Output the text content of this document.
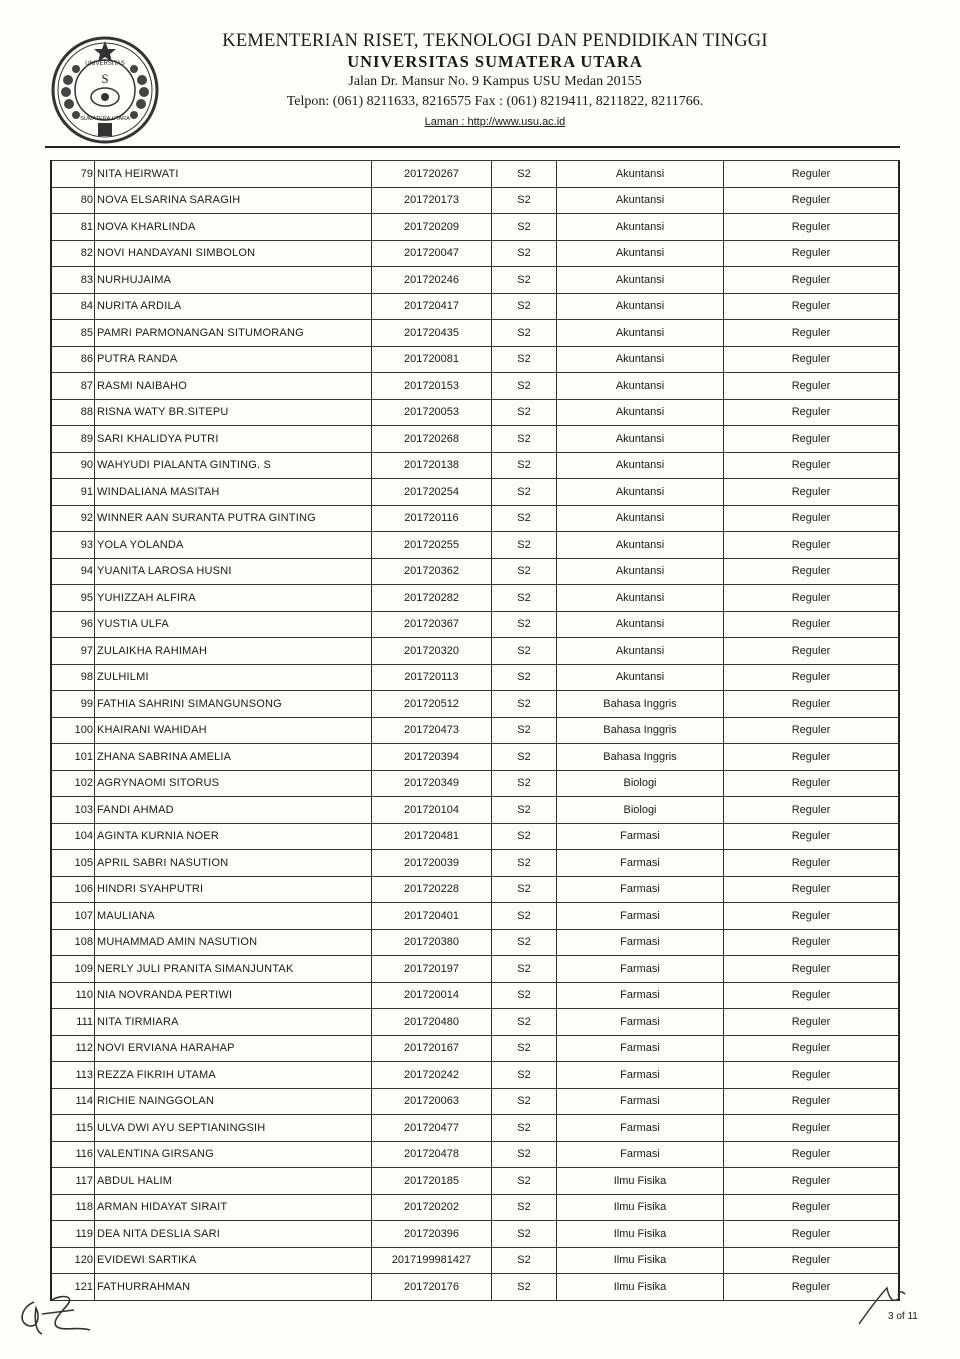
S
UNIVERSITAS
SUMATERA UTARA
KEMENTERIAN RISET, TEKNOLOGI DAN PENDIDIKAN TINGGI
UNIVERSITAS SUMATERA UTARA
Jalan Dr. Mansur No. 9 Kampus USU Medan 20155
Telpon: (061) 8211633, 8216575 Fax : (061) 8219411, 8211822, 8211766.
Laman : http://www.usu.ac.id
79	NITA HEIRWATI	201720267	S2	Akuntansi	Reguler
80	NOVA ELSARINA SARAGIH	201720173	S2	Akuntansi	Reguler
81	NOVA KHARLINDA	201720209	S2	Akuntansi	Reguler
82	NOVI HANDAYANI SIMBOLON	201720047	S2	Akuntansi	Reguler
83	NURHUJAIMA	201720246	S2	Akuntansi	Reguler
84	NURITA ARDILA	201720417	S2	Akuntansi	Reguler
85	PAMRI PARMONANGAN SITUMORANG	201720435	S2	Akuntansi	Reguler
86	PUTRA RANDA	201720081	S2	Akuntansi	Reguler
87	RASMI NAIBAHO	201720153	S2	Akuntansi	Reguler
88	RISNA WATY BR.SITEPU	201720053	S2	Akuntansi	Reguler
89	SARI KHALIDYA PUTRI	201720268	S2	Akuntansi	Reguler
90	WAHYUDI PIALANTA GINTING. S	201720138	S2	Akuntansi	Reguler
91	WINDALIANA MASITAH	201720254	S2	Akuntansi	Reguler
92	WINNER AAN SURANTA PUTRA GINTING	201720116	S2	Akuntansi	Reguler
93	YOLA YOLANDA	201720255	S2	Akuntansi	Reguler
94	YUANITA LAROSA HUSNI	201720362	S2	Akuntansi	Reguler
95	YUHIZZAH ALFIRA	201720282	S2	Akuntansi	Reguler
96	YUSTIA ULFA	201720367	S2	Akuntansi	Reguler
97	ZULAIKHA RAHIMAH	201720320	S2	Akuntansi	Reguler
98	ZULHILMI	201720113	S2	Akuntansi	Reguler
99	FATHIA SAHRINI SIMANGUNSONG	201720512	S2	Bahasa Inggris	Reguler
100	KHAIRANI WAHIDAH	201720473	S2	Bahasa Inggris	Reguler
101	ZHANA SABRINA AMELIA	201720394	S2	Bahasa Inggris	Reguler
102	AGRYNAOMI SITORUS	201720349	S2	Biologi	Reguler
103	FANDI AHMAD	201720104	S2	Biologi	Reguler
104	AGINTA KURNIA NOER	201720481	S2	Farmasi	Reguler
105	APRIL SABRI NASUTION	201720039	S2	Farmasi	Reguler
106	HINDRI SYAHPUTRI	201720228	S2	Farmasi	Reguler
107	MAULIANA	201720401	S2	Farmasi	Reguler
108	MUHAMMAD AMIN NASUTION	201720380	S2	Farmasi	Reguler
109	NERLY JULI PRANITA SIMANJUNTAK	201720197	S2	Farmasi	Reguler
110	NIA NOVRANDA PERTIWI	201720014	S2	Farmasi	Reguler
111	NITA TIRMIARA	201720480	S2	Farmasi	Reguler
112	NOVI ERVIANA HARAHAP	201720167	S2	Farmasi	Reguler
113	REZZA FIKRIH UTAMA	201720242	S2	Farmasi	Reguler
114	RICHIE NAINGGOLAN	201720063	S2	Farmasi	Reguler
115	ULVA DWI AYU SEPTIANINGSIH	201720477	S2	Farmasi	Reguler
116	VALENTINA GIRSANG	201720478	S2	Farmasi	Reguler
117	ABDUL HALIM	201720185	S2	Ilmu Fisika	Reguler
118	ARMAN HIDAYAT SIRAIT	201720202	S2	Ilmu Fisika	Reguler
119	DEA NITA DESLIA SARI	201720396	S2	Ilmu Fisika	Reguler
120	EVIDEWI SARTIKA	2017199981427	S2	Ilmu Fisika	Reguler
121	FATHURRAHMAN	201720176	S2	Ilmu Fisika	Reguler
3 of 11
